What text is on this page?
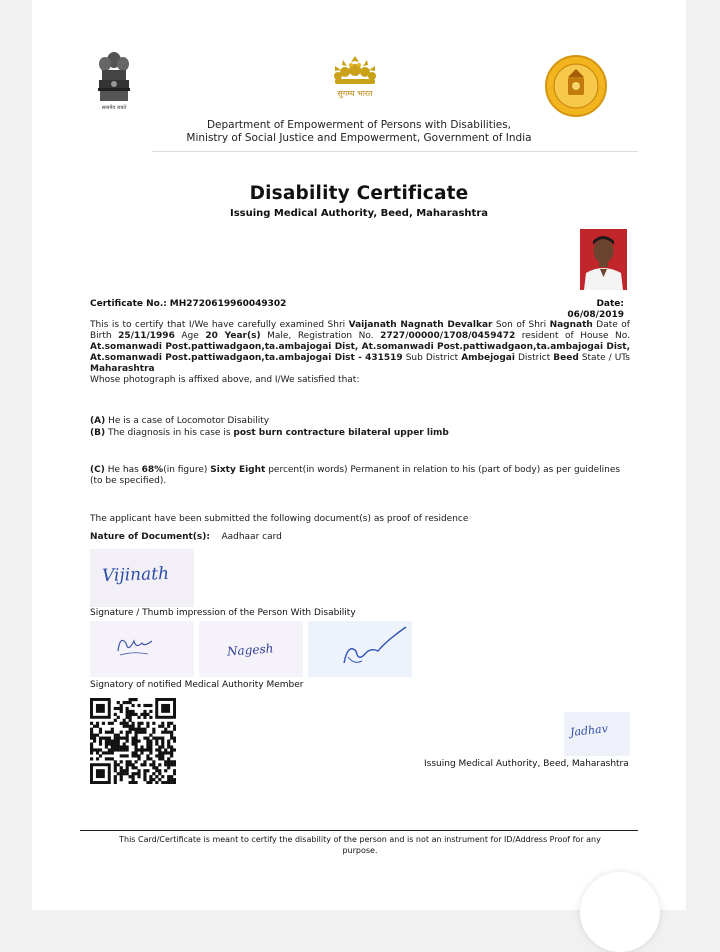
सत्यमेव जयते
सुगम्य भारत
Department of Empowerment of Persons with Disabilities,
Ministry of Social Justice and Empowerment, Government of India
Disability Certificate
Issuing Medical Authority, Beed, Maharashtra
Certificate No.: MH2720619960049302	Date: 06/08/2019
This is to certify that I/We have carefully examined Shri Vaijanath Nagnath Devalkar Son of Shri Nagnath Date of Birth 25/11/1996 Age 20 Year(s) Male, Registration No. 2727/00000/1708/0459472 resident of House No. At.somanwadi Post.pattiwadgaon,ta.ambajogai Dist, At.somanwadi Post.pattiwadgaon,ta.ambajogai Dist, At.somanwadi Post.pattiwadgaon,ta.ambajogai Dist - 431519 Sub District Ambejogai District Beed State / UTs Maharashtra
Whose photograph is affixed above, and I/We satisfied that:
(A) He is a case of Locomotor Disability
(B) The diagnosis in his case is post burn contracture bilateral upper limb
(C) He has 68%(in figure) Sixty Eight percent(in words) Permanent in relation to his (part of body) as per guidelines (to be specified).
The applicant have been submitted the following document(s) as proof of residence
Nature of Document(s): Aadhaar card
Vijinath
Signature / Thumb impression of the Person With Disability
Nagesh
Signatory of notified Medical Authority Member
Jadhav
Issuing Medical Authority, Beed, Maharashtra
This Card/Certificate is meant to certify the disability of the person and is not an instrument for ID/Address Proof for any purpose.
